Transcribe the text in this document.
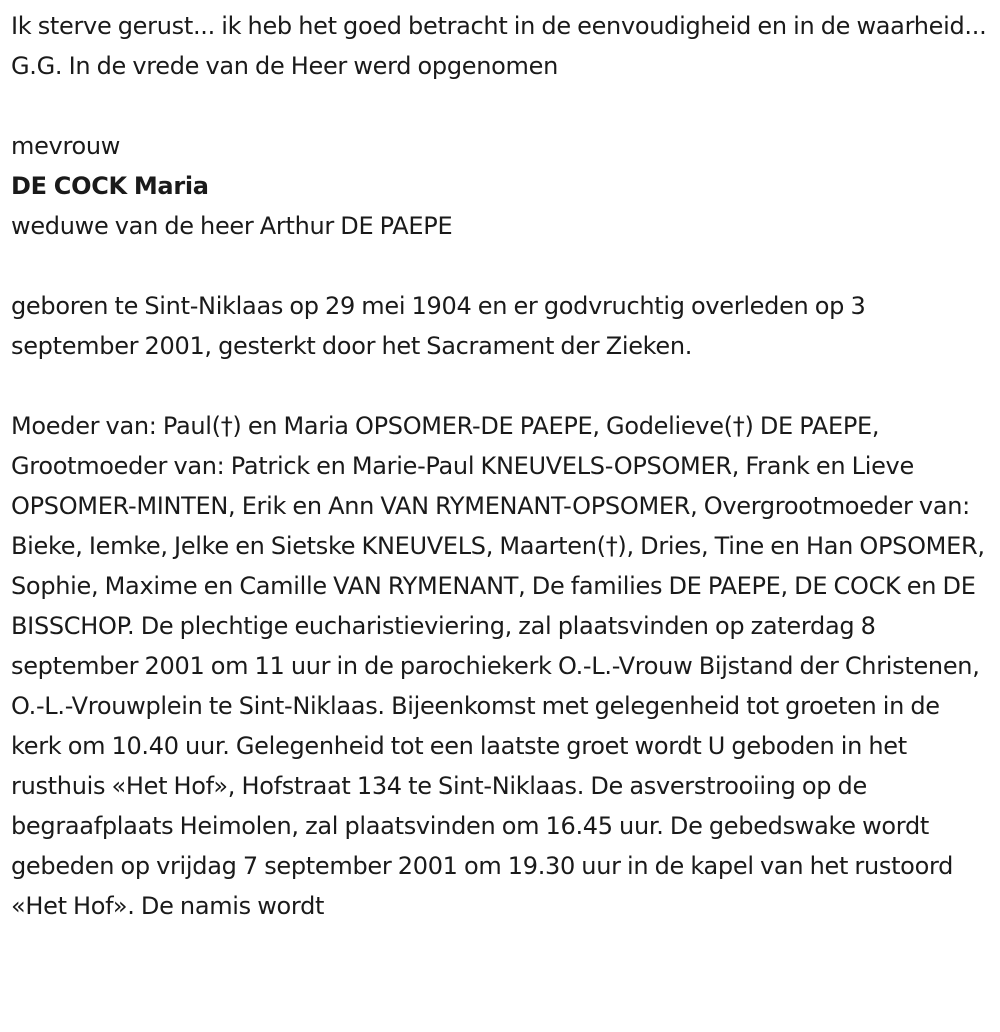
Ik sterve gerust... ik heb het goed betracht in de eenvoudigheid en in de waarheid... G.G. In de vrede van de Heer werd opgenomen

mevrouw

DE COCK Maria

weduwe van de heer Arthur DE PAEPE

geboren te Sint-Niklaas op 29 mei 1904 en er godvruchtig overleden op 3 september 2001, gesterkt door het Sacrament der Zieken.

Moeder van: Paul(†) en Maria OPSOMER-DE PAEPE, Godelieve(†) DE PAEPE, Grootmoeder van: Patrick en Marie-Paul KNEUVELS-OPSOMER, Frank en Lieve OPSOMER-MINTEN, Erik en Ann VAN RYMENANT-OPSOMER, Overgrootmoeder van: Bieke, Iemke, Jelke en Sietske KNEUVELS, Maarten(†), Dries, Tine en Han OPSOMER, Sophie, Maxime en Camille VAN RYMENANT, De families DE PAEPE, DE COCK en DE BISSCHOP. De plechtige eucharistieviering, zal plaatsvinden op zaterdag 8 september 2001 om 11 uur in de parochiekerk O.-L.-Vrouw Bijstand der Christenen, O.-L.-Vrouwplein te Sint-Niklaas. Bijeenkomst met gelegenheid tot groeten in de kerk om 10.40 uur. Gelegenheid tot een laatste groet wordt U geboden in het rusthuis «Het Hof», Hofstraat 134 te Sint-Niklaas. De asverstrooiing op de begraafplaats Heimolen, zal plaatsvinden om 16.45 uur. De gebedswake wordt gebeden op vrijdag 7 september 2001 om 19.30 uur in de kapel van het rustoord «Het Hof». De namis wordt
